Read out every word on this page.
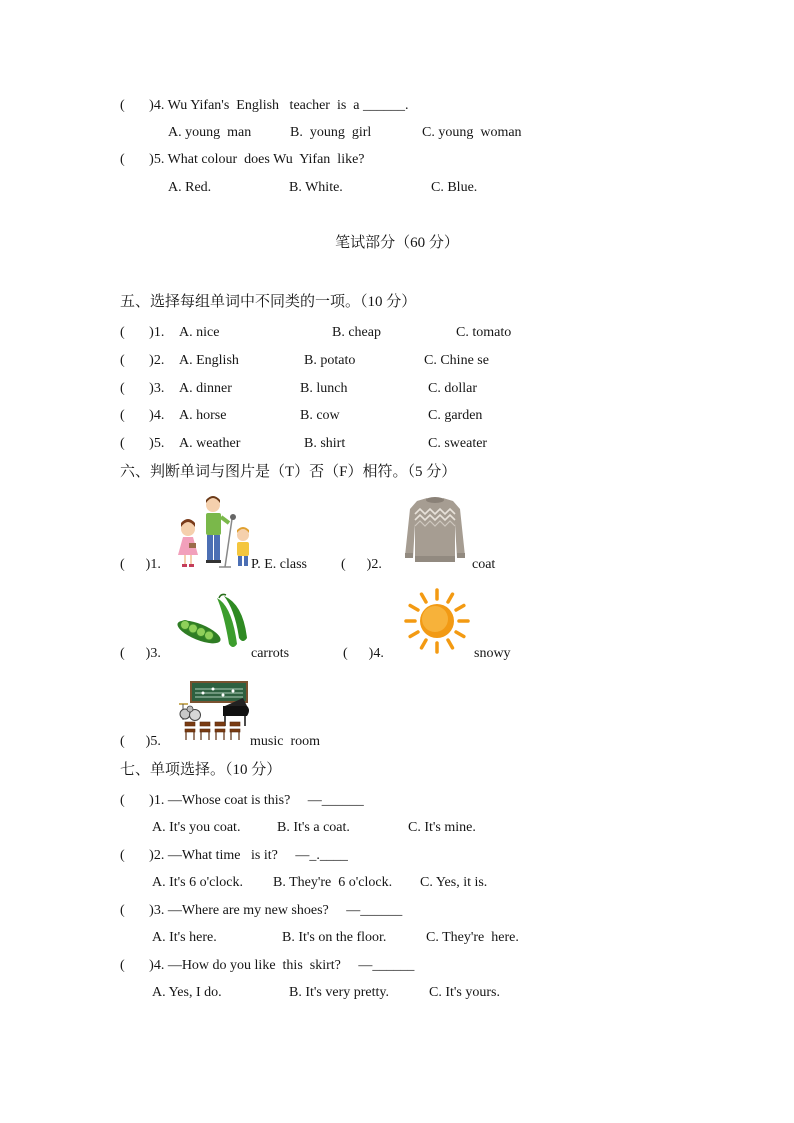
(       )4. Wu Yifan's  English   teacher  is  a ______.
A. young  man	B.  young  girl	C. young  woman
(       )5. What colour  does Wu  Yifan  like?
A. Red.	B. White.	C. Blue.
笔试部分（60 分）
五、选择每组单词中不同类的一项。（10 分）
(       )1. A. nice	B. cheap	C. tomato
(       )2. A. English	B. potato	C. Chine se
(       )3. A. dinner	B. lunch	C. dollar
(       )4. A. horse	B. cow	C. garden
(       )5. A. weather	B. shirt	C. sweater
六、判断单词与图片是（T）否（F）相符。（5 分）
(      )1.	P. E. class (      )2.	coat
(      )3.	carrots	(      )4.	snowy
(      )5.	music  room
七、单项选择。（10 分）
(       )1. —Whose coat is this?     —______
A. It's you coat.	B. It's a coat.	C. It's mine.
(       )2. —What time   is it?     —_.____
A. It's 6 o'clock. B. They're  6 o'clock. C. Yes, it is.
(       )3. —Where are my new shoes?     —______
A. It's here.	B. It's on the floor.	C. They're  here.
(       )4. —How do you like  this  skirt?     —______
A. Yes, I do.	B. It's very pretty.	C. It's yours.
